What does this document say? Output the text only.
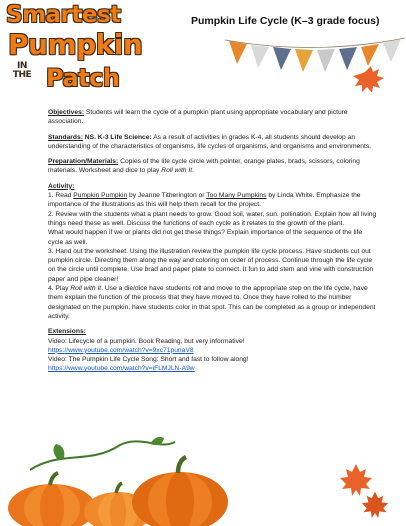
Smartest
Pumpkin
IN THE Patch
Pumpkin Life Cycle (K–3 grade focus)
Objectives: Students will learn the cycle of a pumpkin plant using appropriate vocabulary and picture association.
Standards: NS. K-3 Life Science: As a result of activities in grades K-4, all students should develop an understanding of the characteristics of organisms, life cycles of organisms, and organisms and environments.
Preparation/Materials: Copies of the life cycle circle with pointer, orange plates, brads, scissors, coloring materials. Worksheet and dice to play Roll with It.
Activity:

1. Read Pumpkin Pumpkin by Jeanne Titherington or Too Many Pumpkins by Linda White. Emphasize the importance of the illustrations as this will help them recall for the project.

2. Review with the students what a plant needs to grow. Good soil, water, sun. pollination. Explain how all living things need these as well. Discuss the functions of each cycle as it relates to the growth of the plant.

What would happen if we or plants did not get these things? Explain importance of the sequence of the life cycle as well.

3. Hand out the worksheet. Using the illustration review the pumpkin life cycle process. Have students cut out pumpkin circle. Directing them along the way and coloring on order of process. Continue through the life cycle on the circle until complete. Use brad and paper plate to connect. It fun to add stem and vine with construction paper and pipe cleaner!

4. Play Roll with It. Use a die/dice have students roll and move to the appropriate step on the life cycle, have them explain the function of the process that they have moved to. Once they have rolled to the number designated on the pumpkin, have students color in that spot. This can be completed as a group or independent activity.

Extensions:

Video: Lifecycle of a pumpkin. Book Reading, but very informative!

https://www.youtube.com/watch?v=9xc71punaV8

Video: The Pumpkin Life Cycle Song: Short and fast to follow along!

https://www.youtube.com/watch?v=iFLMJLN-A9w
